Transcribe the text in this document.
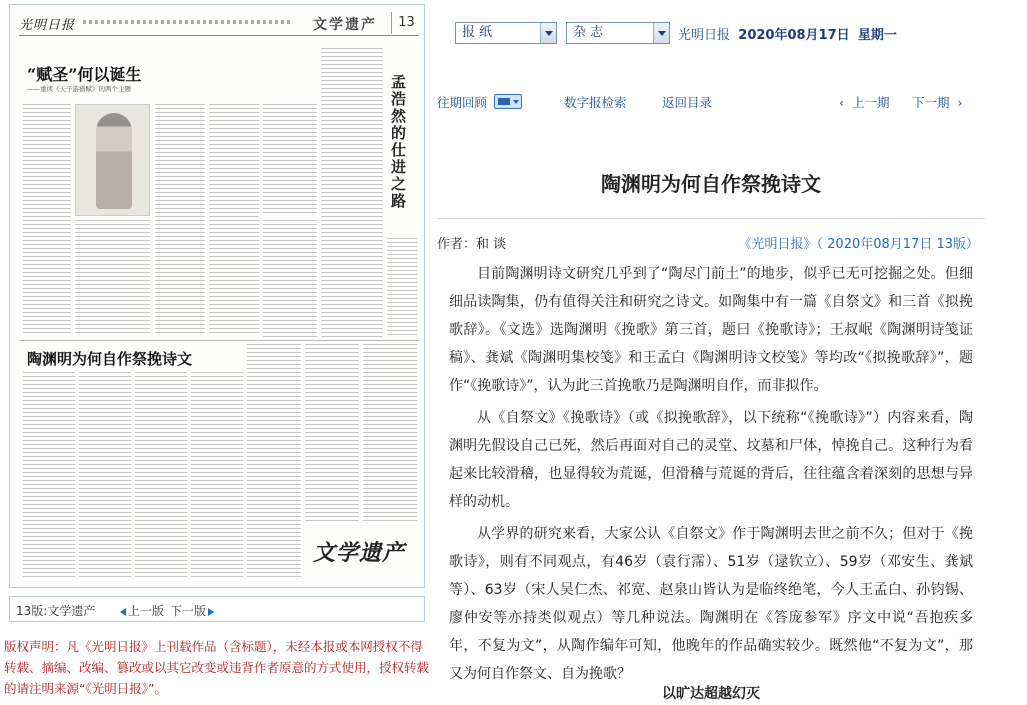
光明日报	文学遗产	13
“赋圣”何以诞生
——重读《天子游猎赋》的两个主题	孟浩然的仕进之路
陶渊明为何自作祭挽诗文
文学遗产
13版:文学遗产	上一版 下一版
版权声明：凡《光明日报》上刊载作品（含标题），未经本报或本网授权不得转载、摘编、改编、篡改或以其它改变或违背作者原意的方式使用，授权转载的请注明来源“《光明日报》”。
报 纸	杂 志	光明日报 2020年08月17日 星期一
往期回顾	数字报检索	返回目录	‹ 上一期 下一期 ›
陶渊明为何自作祭挽诗文
作者：和 谈	《光明日报》（ 2020年08月17日 13版）

目前陶渊明诗文研究几乎到了“陶尽门前土”的地步，似乎已无可挖掘之处。但细细品读陶集，仍有值得关注和研究之诗文。如陶集中有一篇《自祭文》和三首《拟挽歌辞》。《文选》选陶渊明《挽歌》第三首，题曰《挽歌诗》；王叔岷《陶渊明诗笺证稿》、龚斌《陶渊明集校笺》和王孟白《陶渊明诗文校笺》等均改“《拟挽歌辞》”，题作“《挽歌诗》”，认为此三首挽歌乃是陶渊明自作，而非拟作。

从《自祭文》《挽歌诗》（或《拟挽歌辞》，以下统称“《挽歌诗》”）内容来看，陶渊明先假设自己已死，然后再面对自己的灵堂、坟墓和尸体，悼挽自己。这种行为看起来比较滑稽，也显得较为荒诞，但滑稽与荒诞的背后，往往蕴含着深刻的思想与异样的动机。

从学界的研究来看，大家公认《自祭文》作于陶渊明去世之前不久；但对于《挽歌诗》，则有不同观点，有46岁（袁行霈）、51岁（逯钦立）、59岁（邓安生、龚斌等）、63岁（宋人吴仁杰、祁宽、赵泉山皆认为是临终绝笔，今人王孟白、孙钧锡、廖仲安等亦持类似观点）等几种说法。陶渊明在《答庞参军》序文中说“吾抱疾多年，不复为文”，从陶作编年可知，他晚年的作品确实较少。既然他“不复为文”，那又为何自作祭文、自为挽歌？

以旷达超越幻灭
